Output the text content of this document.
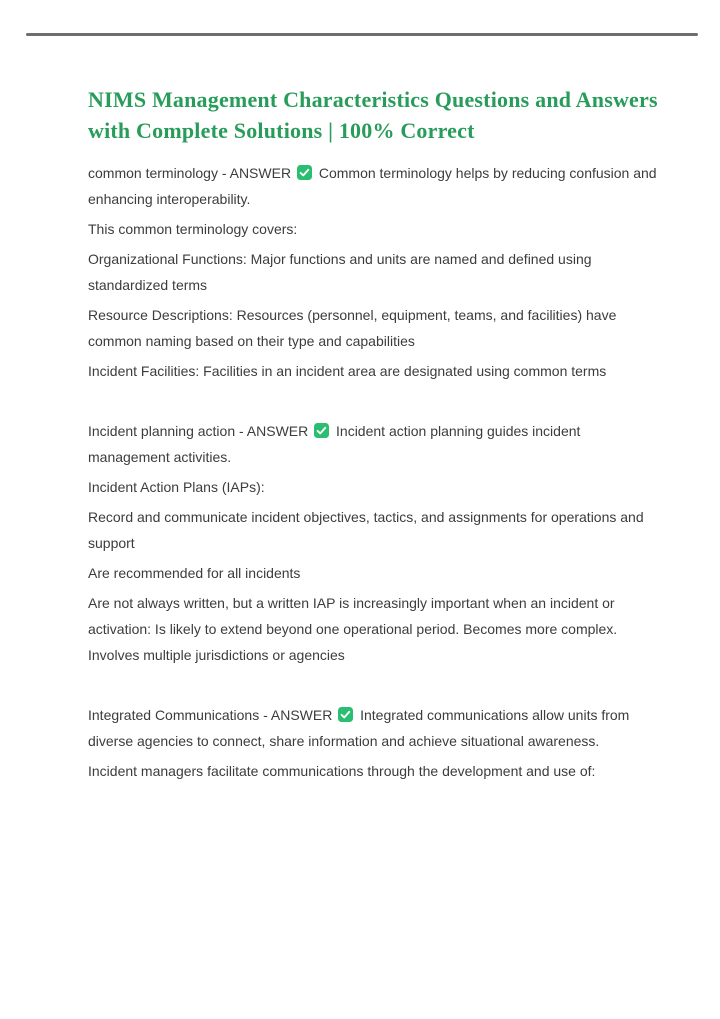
NIMS Management Characteristics Questions and Answers with Complete Solutions | 100% Correct

common terminology - ANSWER Common terminology helps by reducing confusion and enhancing interoperability.

This common terminology covers:

Organizational Functions: Major functions and units are named and defined using standardized terms

Resource Descriptions: Resources (personnel, equipment, teams, and facilities) have common naming based on their type and capabilities

Incident Facilities: Facilities in an incident area are designated using common terms

Incident planning action - ANSWER Incident action planning guides incident management activities.

Incident Action Plans (IAPs):

Record and communicate incident objectives, tactics, and assignments for operations and support

Are recommended for all incidents

Are not always written, but a written IAP is increasingly important when an incident or activation: Is likely to extend beyond one operational period. Becomes more complex. Involves multiple jurisdictions or agencies

Integrated Communications - ANSWER Integrated communications allow units from diverse agencies to connect, share information and achieve situational awareness.

Incident managers facilitate communications through the development and use of:
